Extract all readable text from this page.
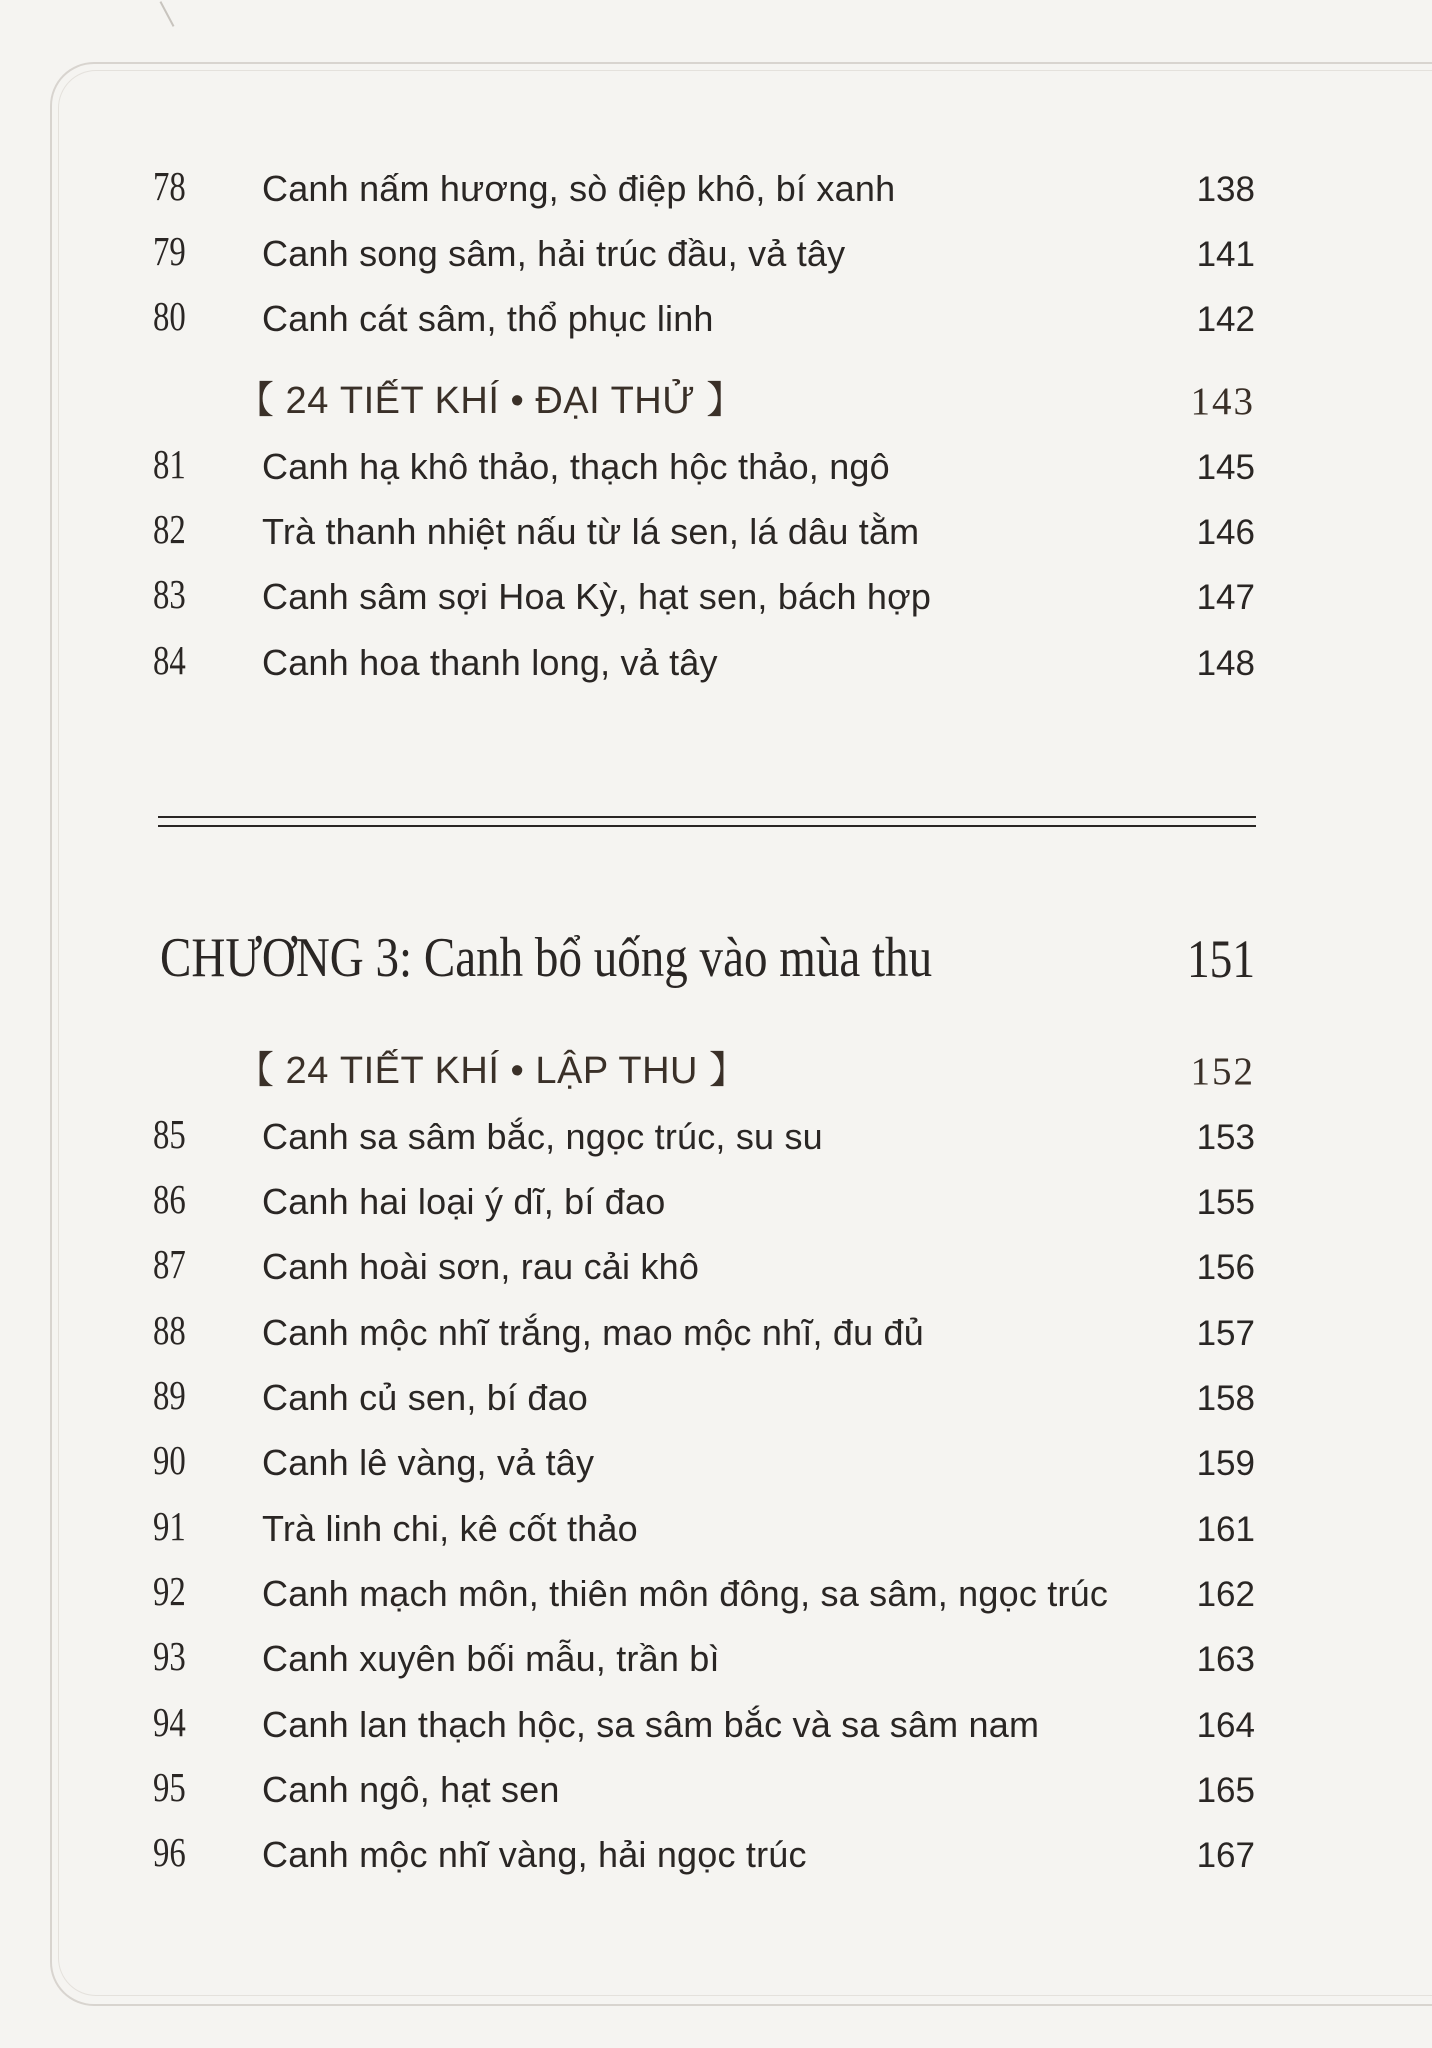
78 Canh nấm hương, sò điệp khô, bí xanh	138
79 Canh song sâm, hải trúc đầu, vả tây	141
80 Canh cát sâm, thổ phục linh	142
【 24 TIẾT KHÍ • ĐẠI THỬ 】	143
81 Canh hạ khô thảo, thạch hộc thảo, ngô	145
82 Trà thanh nhiệt nấu từ lá sen, lá dâu tằm	146
83 Canh sâm sợi Hoa Kỳ, hạt sen, bách hợp	147
84 Canh hoa thanh long, vả tây	148
CHƯƠNG 3: Canh bổ uống vào mùa thu	151
【 24 TIẾT KHÍ • LẬP THU 】	152
85 Canh sa sâm bắc, ngọc trúc, su su	153
86 Canh hai loại ý dĩ, bí đao	155
87 Canh hoài sơn, rau cải khô	156
88 Canh mộc nhĩ trắng, mao mộc nhĩ, đu đủ	157
89 Canh củ sen, bí đao	158
90 Canh lê vàng, vả tây	159
91 Trà linh chi, kê cốt thảo	161
92 Canh mạch môn, thiên môn đông, sa sâm, ngọc trúc	162
93 Canh xuyên bối mẫu, trần bì	163
94 Canh lan thạch hộc, sa sâm bắc và sa sâm nam	164
95 Canh ngô, hạt sen	165
96 Canh mộc nhĩ vàng, hải ngọc trúc	167
